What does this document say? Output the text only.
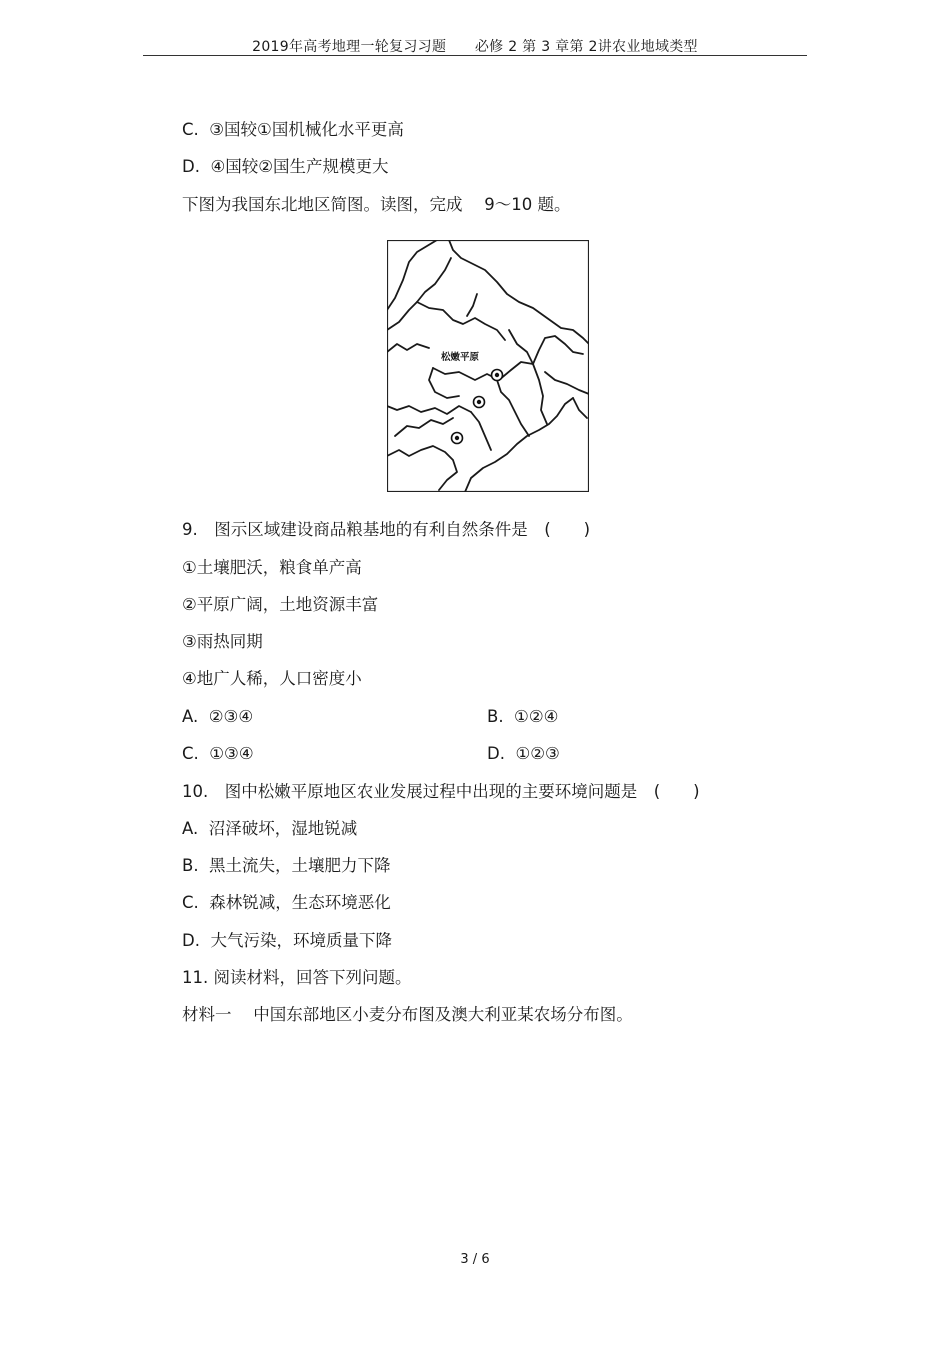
2019年高考地理一轮复习习题　　必修 2 第 3 章第 2讲农业地域类型
C.  ③国较①国机械化水平更高
D.  ④国较②国生产规模更大
下图为我国东北地区简图。读图，完成　 9～10 题。
松嫩平原
9.　图示区域建设商品粮基地的有利自然条件是　(　　)
①土壤肥沃，粮食单产高
②平原广阔，土地资源丰富
③雨热同期
④地广人稀，人口密度小
A.  ②③④	B.  ①②④
C.  ①③④	D.  ①②③
10.　图中松嫩平原地区农业发展过程中出现的主要环境问题是　(　　)
A.  沼泽破坏，湿地锐减
B.  黑土流失，土壤肥力下降
C.  森林锐减，生态环境恶化
D.  大气污染，环境质量下降
11. 阅读材料，回答下列问题。
材料一　 中国东部地区小麦分布图及澳大利亚某农场分布图。
3 / 6
